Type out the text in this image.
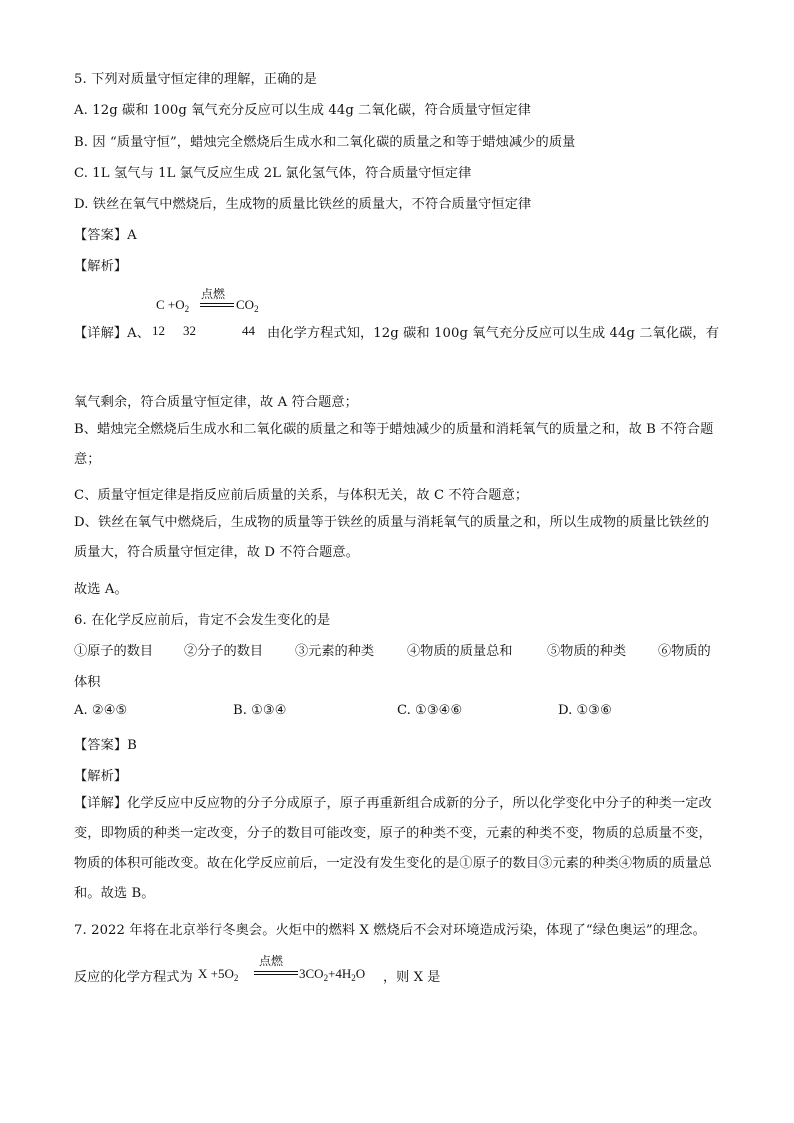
5. 下列对质量守恒定律的理解，正确的是
A. 12g 碳和 100g 氧气充分反应可以生成 44g 二氧化碳，符合质量守恒定律
B. 因 “质量守恒”，蜡烛完全燃烧后生成水和二氧化碳的质量之和等于蜡烛减少的质量
C. 1L 氢气与 1L 氯气反应生成 2L 氯化氢气体，符合质量守恒定律
D. 铁丝在氧气中燃烧后，生成物的质量比铁丝的质量大，不符合质量守恒定律
【答案】A
【解析】
点燃
$C +O_2$	$CO_2$
【详解】A、 12 32	44 由化学方程式知，12g 碳和 100g 氧气充分反应可以生成 44g 二氧化碳，有
氧气剩余，符合质量守恒定律，故 A 符合题意；
B、蜡烛完全燃烧后生成水和二氧化碳的质量之和等于蜡烛减少的质量和消耗氧气的质量之和，故 B 不符合题意；
C、质量守恒定律是指反应前后质量的关系，与体积无关，故 C 不符合题意；
D、铁丝在氧气中燃烧后，生成物的质量等于铁丝的质量与消耗氧气的质量之和，所以生成物的质量比铁丝的质量大，符合质量守恒定律，故 D 不符合题意。
故选 A。
6. 在化学反应前后，肯定不会发生变化的是
①原子的数目 ②分子的数目 ③元素的种类 ④物质的质量总和	⑤物质的种类 ⑥物质的
体积
A. ②④⑤	B. ①③④	C. ①③④⑥	D. ①③⑥
【答案】B
【解析】
【详解】化学反应中反应物的分子分成原子，原子再重新组合成新的分子，所以化学变化中分子的种类一定改变，即物质的种类一定改变，分子的数目可能改变，原子的种类不变，元素的种类不变，物质的总质量不变，物质的体积可能改变。故在化学反应前后，一定没有发生变化的是①原子的数目③元素的种类④物质的质量总和。故选 B。
7. 2022 年将在北京举行冬奥会。火炬中的燃料 X 燃烧后不会对环境造成污染，体现了“绿色奥运”的理念。
反应的化学方程式为 $X +5O_2$
点燃
$3CO_2+4H_2O$ ，则 X 是
